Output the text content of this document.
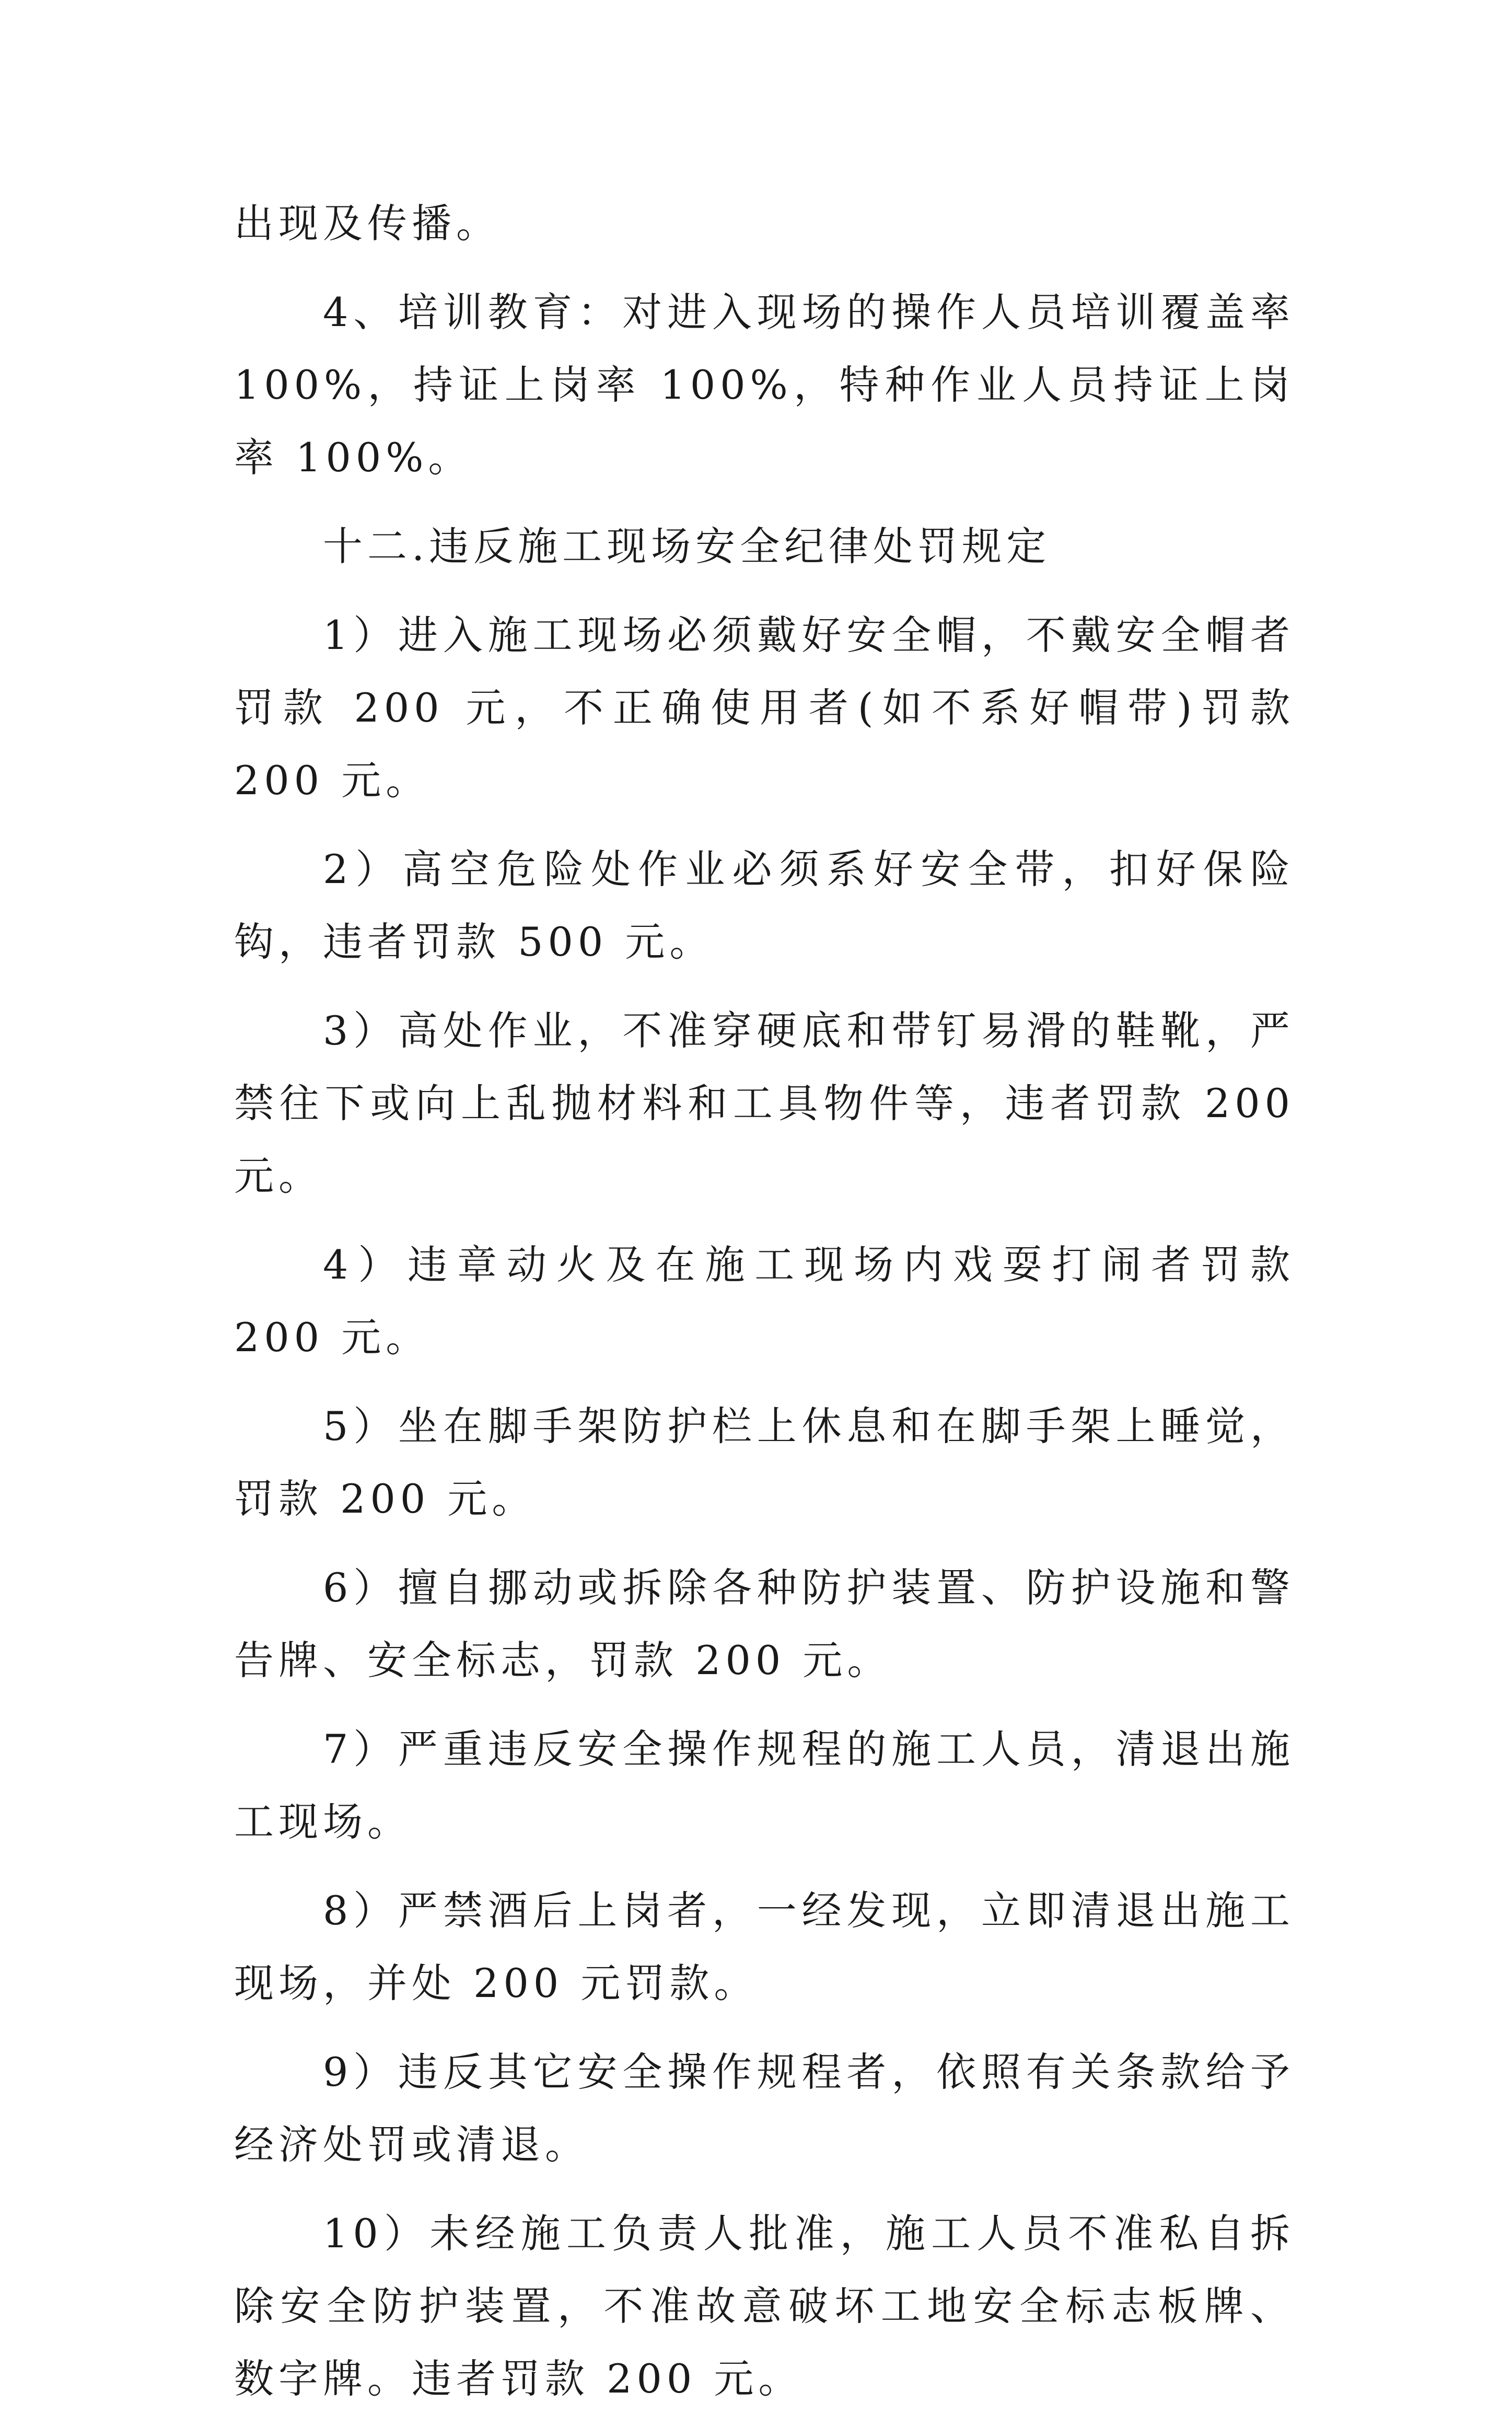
出现及传播。

4、培训教育：对进入现场的操作人员培训覆盖率 100%，持证上岗率 100%，特种作业人员持证上岗率 100%。

十二.违反施工现场安全纪律处罚规定

1）进入施工现场必须戴好安全帽，不戴安全帽者罚款 200 元，不正确使用者(如不系好帽带)罚款 200 元。

2）高空危险处作业必须系好安全带，扣好保险钩，违者罚款 500 元。

3）高处作业，不准穿硬底和带钉易滑的鞋靴，严禁往下或向上乱抛材料和工具物件等，违者罚款 200 元。

4）违章动火及在施工现场内戏耍打闹者罚款 200 元。

5）坐在脚手架防护栏上休息和在脚手架上睡觉，罚款 200 元。

6）擅自挪动或拆除各种防护装置、防护设施和警告牌、安全标志，罚款 200 元。

7）严重违反安全操作规程的施工人员，清退出施工现场。

8）严禁酒后上岗者，一经发现，立即清退出施工现场，并处 200 元罚款。

9）违反其它安全操作规程者，依照有关条款给予经济处罚或清退。

10）未经施工负责人批准，施工人员不准私自拆除安全防护装置，不准故意破坏工地安全标志板牌、数字牌。违者罚款 200 元。
